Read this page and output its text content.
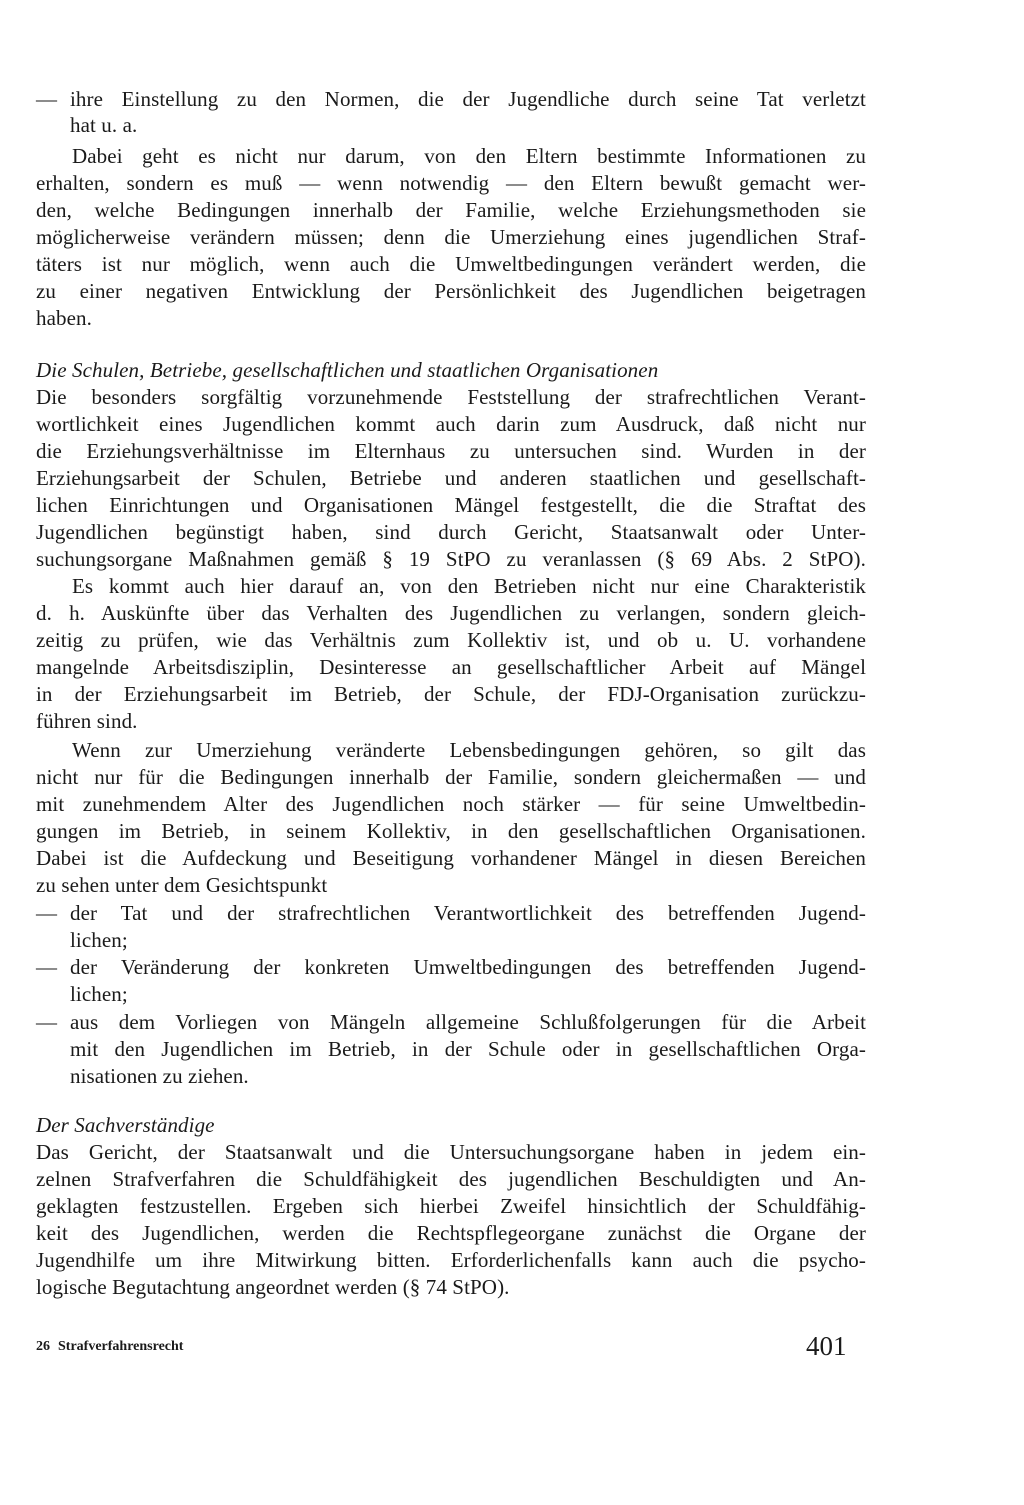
— ihre Einstellung zu den Normen, die der Jugendliche durch seine Tat verletzt
hat u. a.
Dabei geht es nicht nur darum, von den Eltern bestimmte Informationen zu
erhalten, sondern es muß — wenn notwendig — den Eltern bewußt gemacht wer-
den, welche Bedingungen innerhalb der Familie, welche Erziehungsmethoden sie
möglicherweise verändern müssen; denn die Umerziehung eines jugendlichen Straf-
täters ist nur möglich, wenn auch die Umweltbedingungen verändert werden, die
zu einer negativen Entwicklung der Persönlichkeit des Jugendlichen beigetragen
haben.
Die Schulen, Betriebe, gesellschaftlichen und staatlichen Organisationen
Die besonders sorgfältig vorzunehmende Feststellung der strafrechtlichen Verant-
wortlichkeit eines Jugendlichen kommt auch darin zum Ausdruck, daß nicht nur
die Erziehungsverhältnisse im Elternhaus zu untersuchen sind. Wurden in der
Erziehungsarbeit der Schulen, Betriebe und anderen staatlichen und gesellschaft-
lichen Einrichtungen und Organisationen Mängel festgestellt, die die Straftat des
Jugendlichen begünstigt haben, sind durch Gericht, Staatsanwalt oder Unter-
suchungsorgane Maßnahmen gemäß § 19 StPO zu veranlassen (§ 69 Abs. 2 StPO).
Es kommt auch hier darauf an, von den Betrieben nicht nur eine Charakteristik
d. h. Auskünfte über das Verhalten des Jugendlichen zu verlangen, sondern gleich-
zeitig zu prüfen, wie das Verhältnis zum Kollektiv ist, und ob u. U. vorhandene
mangelnde Arbeitsdisziplin, Desinteresse an gesellschaftlicher Arbeit auf Mängel
in der Erziehungsarbeit im Betrieb, der Schule, der FDJ-Organisation zurückzu-
führen sind.
Wenn zur Umerziehung veränderte Lebensbedingungen gehören, so gilt das
nicht nur für die Bedingungen innerhalb der Familie, sondern gleichermaßen — und
mit zunehmendem Alter des Jugendlichen noch stärker — für seine Umweltbedin-
gungen im Betrieb, in seinem Kollektiv, in den gesellschaftlichen Organisationen.
Dabei ist die Aufdeckung und Beseitigung vorhandener Mängel in diesen Bereichen
zu sehen unter dem Gesichtspunkt
— der Tat und der strafrechtlichen Verantwortlichkeit des betreffenden Jugend-
lichen;
— der Veränderung der konkreten Umweltbedingungen des betreffenden Jugend-
lichen;
— aus dem Vorliegen von Mängeln allgemeine Schlußfolgerungen für die Arbeit
mit den Jugendlichen im Betrieb, in der Schule oder in gesellschaftlichen Orga-
nisationen zu ziehen.
Der Sachverständige
Das Gericht, der Staatsanwalt und die Untersuchungsorgane haben in jedem ein-
zelnen Strafverfahren die Schuldfähigkeit des jugendlichen Beschuldigten und An-
geklagten festzustellen. Ergeben sich hierbei Zweifel hinsichtlich der Schuldfähig-
keit des Jugendlichen, werden die Rechtspflegeorgane zunächst die Organe der
Jugendhilfe um ihre Mitwirkung bitten. Erforderlichenfalls kann auch die psycho-
logische Begutachtung angeordnet werden (§ 74 StPO).
26 Strafverfahrensrecht	401
